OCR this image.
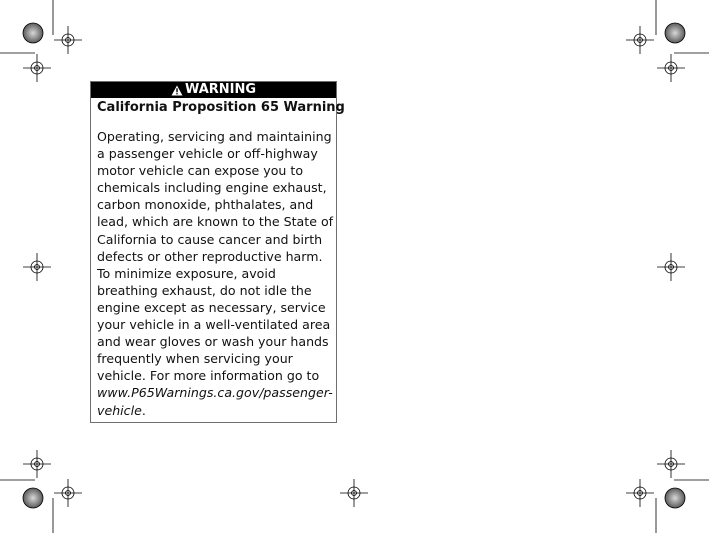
WARNING
California Proposition 65 Warning
Operating, servicing and maintaining
a passenger vehicle or off-highway
motor vehicle can expose you to
chemicals including engine exhaust,
carbon monoxide, phthalates, and
lead, which are known to the State of
California to cause cancer and birth
defects or other reproductive harm.
To minimize exposure, avoid
breathing exhaust, do not idle the
engine except as necessary, service
your vehicle in a well-ventilated area
and wear gloves or wash your hands
frequently when servicing your
vehicle. For more information go to
www.P65Warnings.ca.gov/passenger-
vehicle.
